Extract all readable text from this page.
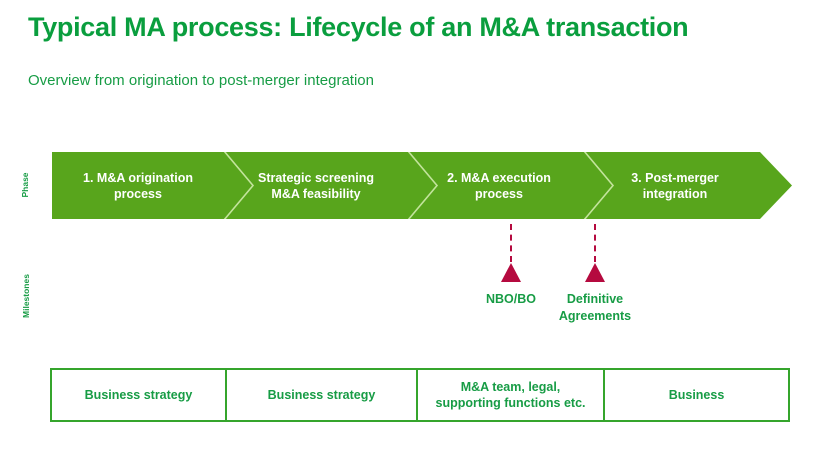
Typical MA process: Lifecycle of an M&A transaction

Overview from origination to post-merger integration

Phase
Milestones
1. M&A origination
process
Strategic screening
M&A feasibility
2. M&A execution
process
3. Post-merger
integration
NBO/BO	Definitive
Agreements
Business strategy	Business strategy
M&A team, legal,
supporting functions etc.
Business
